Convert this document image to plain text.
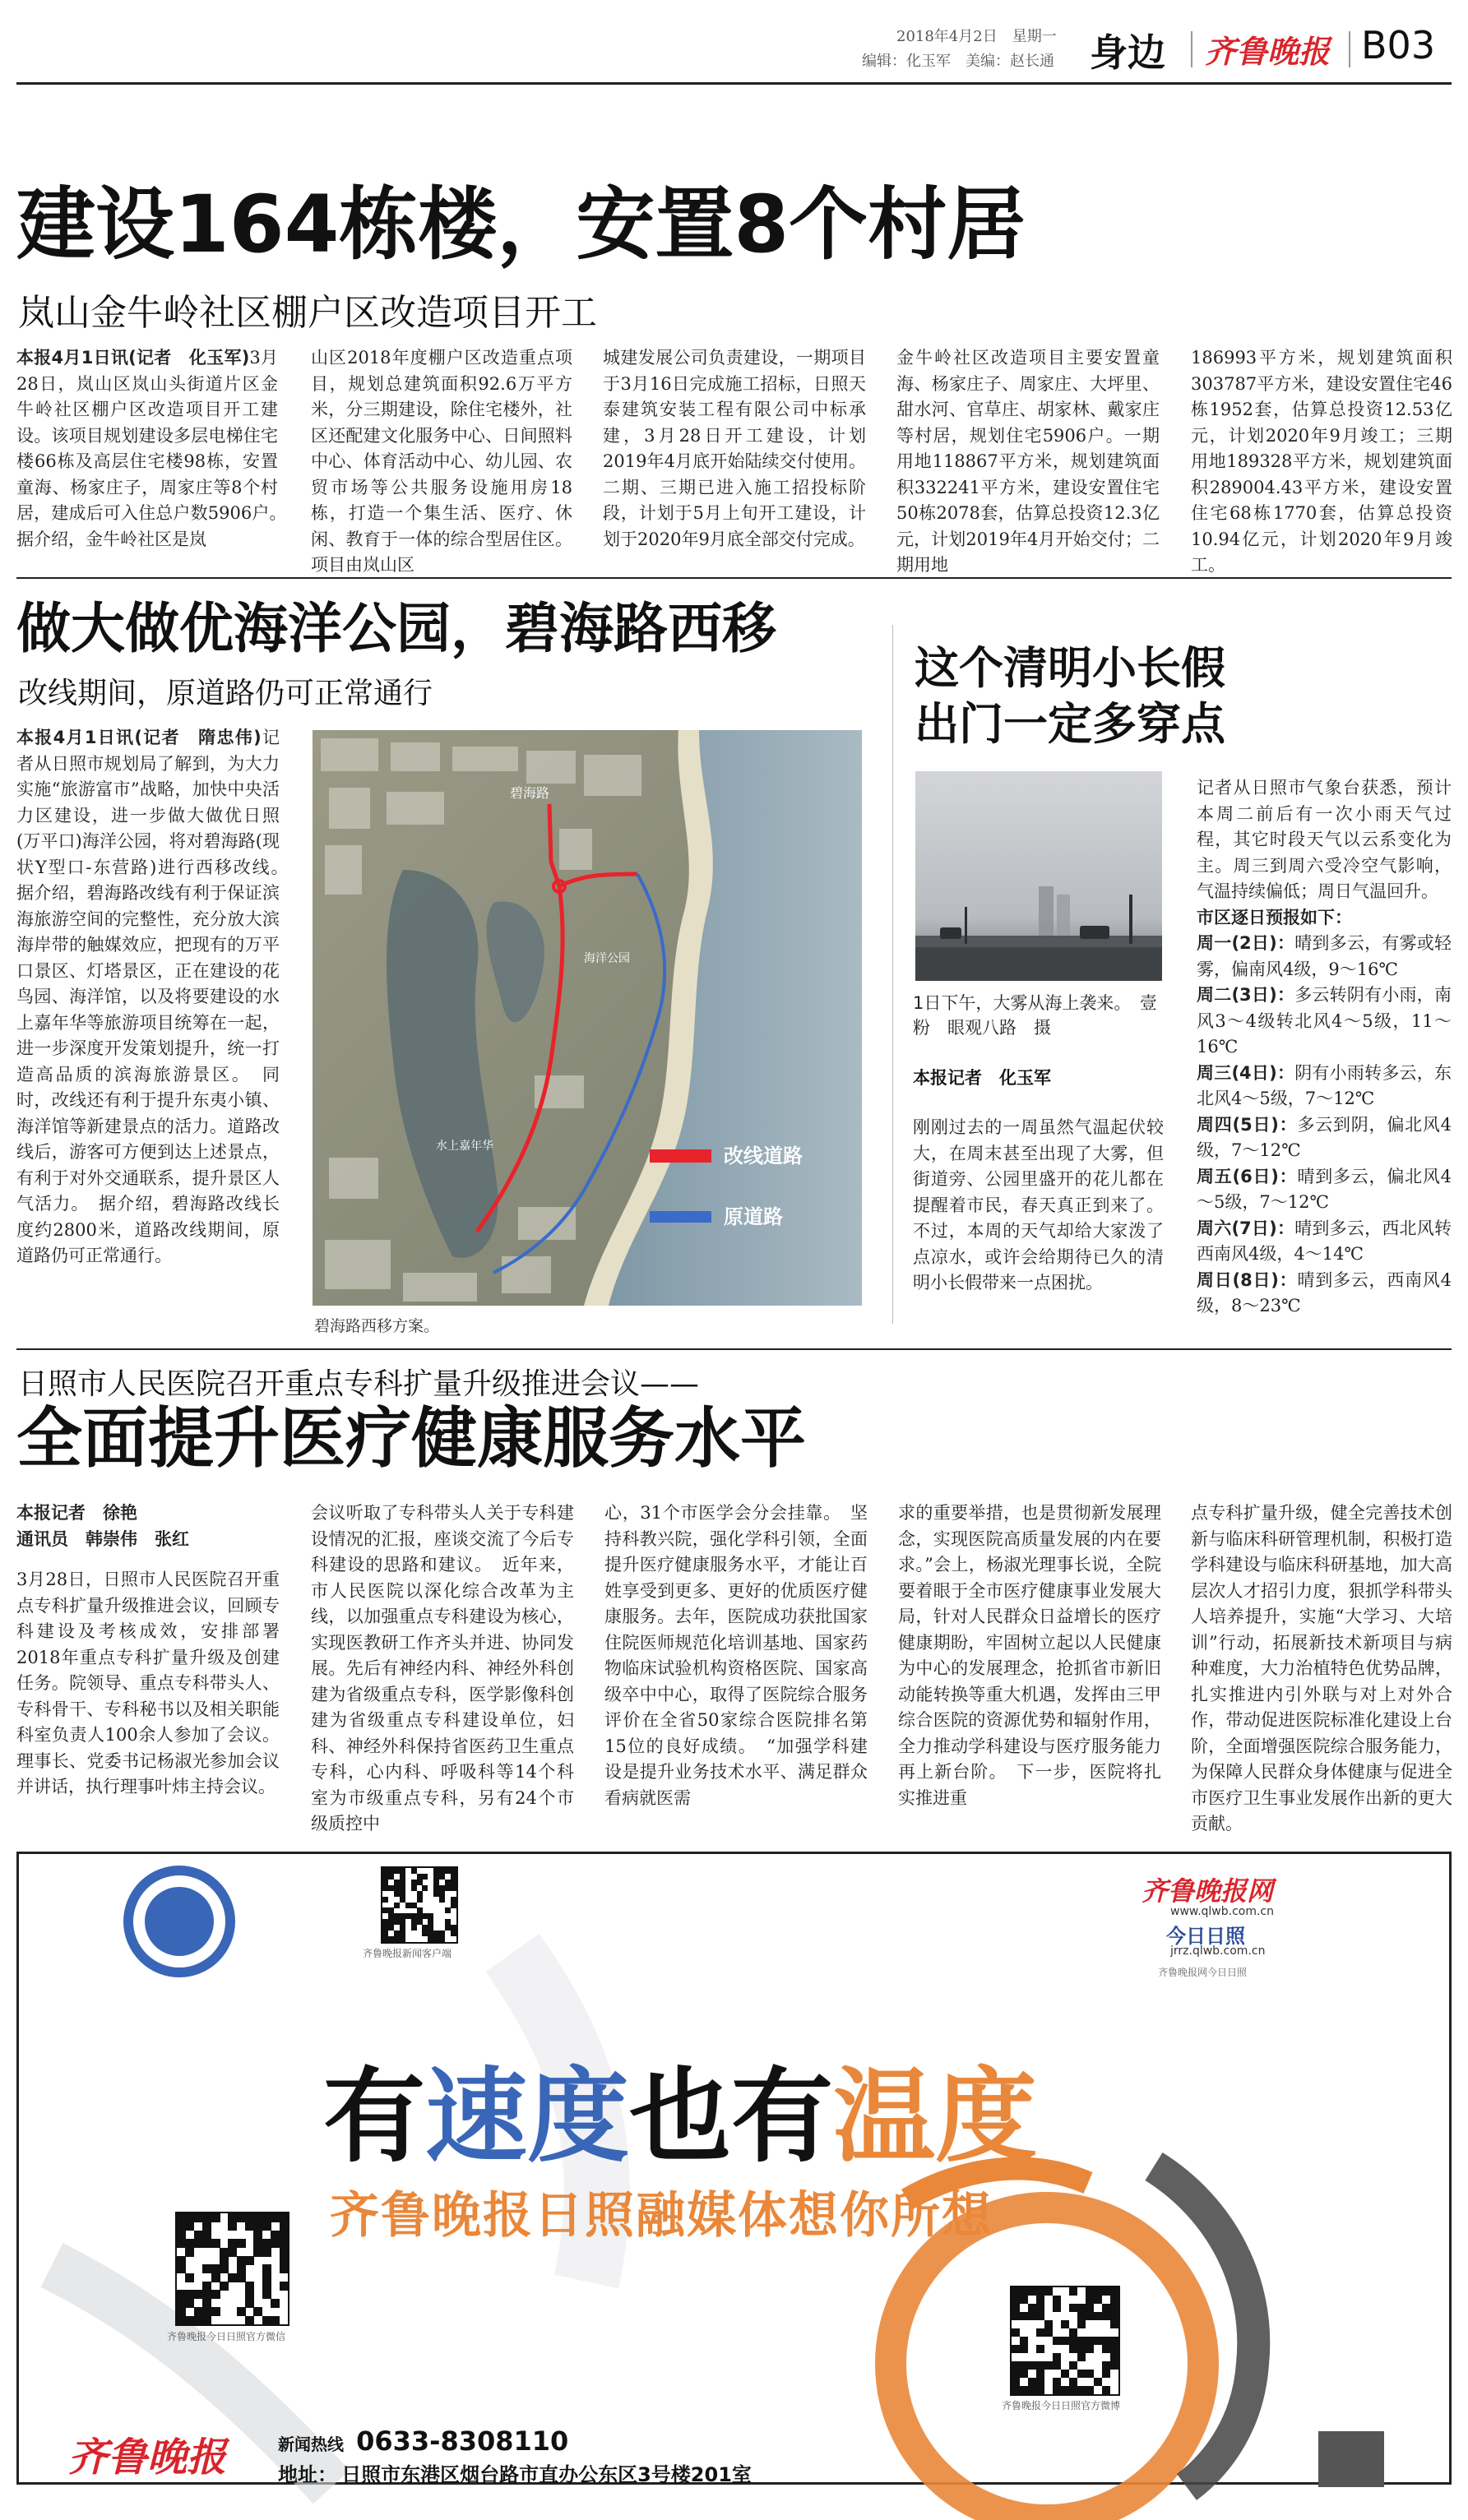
2018年4月2日　星期一
编辑：化玉军　美编：赵长通 身边 齐鲁晚报 B03
建设164栋楼，安置8个村居
岚山金牛岭社区棚户区改造项目开工

本报4月1日讯(记者　化玉军)3月28日，岚山区岚山头街道片区金牛岭社区棚户区改造项目开工建设。该项目规划建设多层电梯住宅楼66栋及高层住宅楼98栋，安置童海、杨家庄子，周家庄等8个村居，建成后可入住总户数5906户。　据介绍，金牛岭社区是岚

山区2018年度棚户区改造重点项目，规划总建筑面积92.6万平方米，分三期建设，除住宅楼外，社区还配建文化服务中心、日间照料中心、体育活动中心、幼儿园、农贸市场等公共服务设施用房18栋，打造一个集生活、医疗、休闲、教育于一体的综合型居住区。项目由岚山区

城建发展公司负责建设，一期项目于3月16日完成施工招标，日照天泰建筑安装工程有限公司中标承建，3月28日开工建设，计划2019年4月底开始陆续交付使用。二期、三期已进入施工招投标阶段，计划于5月上旬开工建设，计划于2020年9月底全部交付完成。

金牛岭社区改造项目主要安置童海、杨家庄子、周家庄、大坪里、甜水河、官草庄、胡家林、戴家庄等村居，规划住宅5906户。一期用地118867平方米，规划建筑面积332241平方米，建设安置住宅50栋2078套，估算总投资12.3亿元，计划2019年4月开始交付；二期用地

186993平方米，规划建筑面积303787平方米，建设安置住宅46栋1952套，估算总投资12.53亿元，计划2020年9月竣工；三期用地189328平方米，规划建筑面积289004.43平方米，建设安置住宅68栋1770套，估算总投资10.94亿元，计划2020年9月竣工。

做大做优海洋公园，碧海路西移
改线期间，原道路仍可正常通行

本报4月1日讯(记者　隋忠伟)记者从日照市规划局了解到，为大力实施“旅游富市”战略，加快中央活力区建设，进一步做大做优日照(万平口)海洋公园，将对碧海路(现状Y型口-东营路)进行西移改线。　据介绍，碧海路改线有利于保证滨海旅游空间的完整性，充分放大滨海岸带的触媒效应，把现有的万平口景区、灯塔景区，正在建设的花鸟园、海洋馆，以及将要建设的水上嘉年华等旅游项目统筹在一起，进一步深度开发策划提升，统一打造高品质的滨海旅游景区。　同时，改线还有利于提升东夷小镇、海洋馆等新建景点的活力。道路改线后，游客可方便到达上述景点，有利于对外交通联系，提升景区人气活力。　据介绍，碧海路改线长度约2800米，道路改线期间，原道路仍可正常通行。

碧海路
海洋公园
水上嘉年华	改线道路
原道路
碧海路西移方案。
这个清明小长假
出门一定多穿点
1日下午，大雾从海上袭来。　壹粉　眼观八路　摄
本报记者　化玉军

刚刚过去的一周虽然气温起伏较大，在周末甚至出现了大雾，但街道旁、公园里盛开的花儿都在提醒着市民，春天真正到来了。不过，本周的天气却给大家泼了点凉水，或许会给期待已久的清明小长假带来一点困扰。

记者从日照市气象台获悉，预计本周二前后有一次小雨天气过程，其它时段天气以云系变化为主。周三到周六受冷空气影响，气温持续偏低；周日气温回升。

市区逐日预报如下：

周一(2日)：晴到多云，有雾或轻雾，偏南风4级，9～16℃

周二(3日)：多云转阴有小雨，南风3～4级转北风4～5级，11～16℃

周三(4日)：阴有小雨转多云，东北风4～5级，7～12℃

周四(5日)：多云到阴，偏北风4级，7～12℃

周五(6日)：晴到多云，偏北风4～5级，7～12℃

周六(7日)：晴到多云，西北风转西南风4级，4～14℃

周日(8日)：晴到多云，西南风4级，8～23℃

日照市人民医院召开重点专科扩量升级推进会议——
全面提升医疗健康服务水平

本报记者　徐艳

通讯员　韩崇伟　张红

3月28日，日照市人民医院召开重点专科扩量升级推进会议，回顾专科建设及考核成效，安排部署2018年重点专科扩量升级及创建任务。院领导、重点专科带头人、专科骨干、专科秘书以及相关职能科室负责人100余人参加了会议。理事长、党委书记杨淑光参加会议并讲话，执行理事叶炜主持会议。

会议听取了专科带头人关于专科建设情况的汇报，座谈交流了今后专科建设的思路和建议。　近年来，市人民医院以深化综合改革为主线，以加强重点专科建设为核心，实现医教研工作齐头并进、协同发展。先后有神经内科、神经外科创建为省级重点专科，医学影像科创建为省级重点专科建设单位，妇科、神经外科保持省医药卫生重点专科，心内科、呼吸科等14个科室为市级重点专科，另有24个市级质控中

心，31个市医学会分会挂靠。　坚持科教兴院，强化学科引领，全面提升医疗健康服务水平，才能让百姓享受到更多、更好的优质医疗健康服务。去年，医院成功获批国家住院医师规范化培训基地、国家药物临床试验机构资格医院、国家高级卒中中心，取得了医院综合服务评价在全省50家综合医院排名第15位的良好成绩。　“加强学科建设是提升业务技术水平、满足群众看病就医需

求的重要举措，也是贯彻新发展理念，实现医院高质量发展的内在要求。”会上，杨淑光理事长说，全院要着眼于全市医疗健康事业发展大局，针对人民群众日益增长的医疗健康期盼，牢固树立起以人民健康为中心的发展理念，抢抓省市新旧动能转换等重大机遇，发挥由三甲综合医院的资源优势和辐射作用，全力推动学科建设与医疗服务能力再上新台阶。　下一步，医院将扎实推进重

点专科扩量升级，健全完善技术创新与临床科研管理机制，积极打造学科建设与临床科研基地，加大高层次人才招引力度，狠抓学科带头人培养提升，实施“大学习、大培训”行动，拓展新技术新项目与病种难度，大力治植特色优势品牌，扎实推进内引外联与对上对外合作，带动促进医院标准化建设上台阶，全面增强医院综合服务能力，为保障人民群众身体健康与促进全市医疗卫生事业发展作出新的更大贡献。

齐鲁晚报新闻客户端
齐鲁晚报网
www.qlwb.com.cn
今日日照
jrrz.qlwb.com.cn
齐鲁晚报网今日日照
有速度也有温度
齐鲁晚报日照融媒体想你所想
齐鲁晚报今日日照官方微信
齐鲁晚报今日日照官方微博
齐鲁晚报	新闻热线 0633-8308110
地址： 日照市东港区烟台路市直办公东区3号楼201室
